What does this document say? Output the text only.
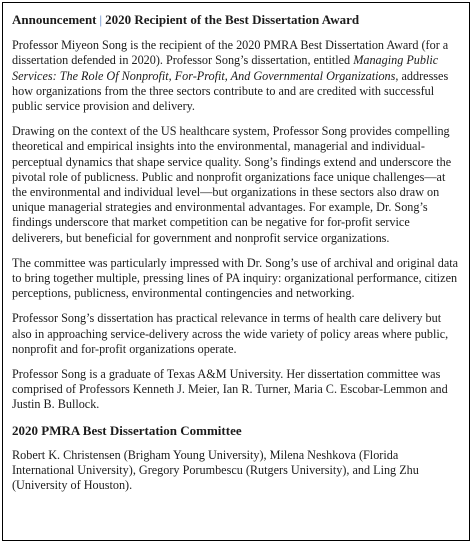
Announcement | 2020 Recipient of the Best Dissertation Award

Professor Miyeon Song is the recipient of the 2020 PMRA Best Dissertation Award (for a dissertation defended in 2020). Professor Song’s dissertation, entitled Managing Public Services: The Role Of Nonprofit, For-Profit, And Governmental Organizations, addresses how organizations from the three sectors contribute to and are credited with successful public service provision and delivery.

Drawing on the context of the US healthcare system, Professor Song provides compelling theoretical and empirical insights into the environmental, managerial and individual-perceptual dynamics that shape service quality. Song’s findings extend and underscore the pivotal role of publicness. Public and nonprofit organizations face unique challenges—at the environmental and individual level—but organizations in these sectors also draw on unique managerial strategies and environmental advantages. For example, Dr. Song’s findings underscore that market competition can be negative for for-profit service deliverers, but beneficial for government and nonprofit service organizations.

The committee was particularly impressed with Dr. Song’s use of archival and original data to bring together multiple, pressing lines of PA inquiry: organizational performance, citizen perceptions, publicness, environmental contingencies and networking.

Professor Song’s dissertation has practical relevance in terms of health care delivery but also in approaching service-delivery across the wide variety of policy areas where public, nonprofit and for-profit organizations operate.

Professor Song is a graduate of Texas A&M University. Her dissertation committee was comprised of Professors Kenneth J. Meier, Ian R. Turner, Maria C. Escobar-Lemmon and Justin B. Bullock.

2020 PMRA Best Dissertation Committee

Robert K. Christensen (Brigham Young University), Milena Neshkova (Florida International University), Gregory Porumbescu (Rutgers University), and Ling Zhu (University of Houston).
